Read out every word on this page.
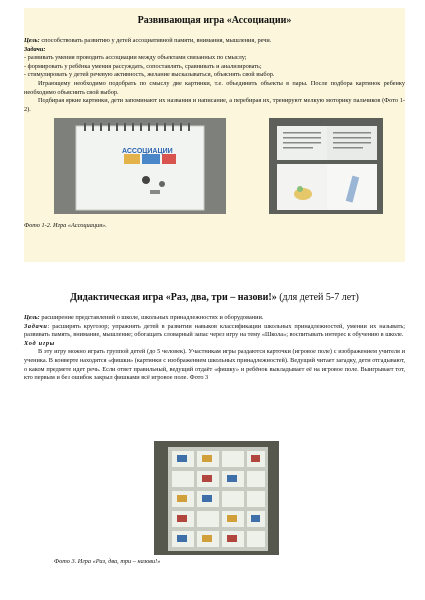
Развивающая игра «Ассоциации»
Цель: способствовать развитию у детей ассоциативной памяти, внимания, мышления, речи.
Задачи:
- развивать умения проводить ассоциации между объектами связанных по смыслу;
- формировать у ребёнка умения рассуждать, сопоставлять, сравнивать и анализировать;
- стимулировать у детей речевую активность, желание высказываться, объяснять свой выбор.
Играющему необходимо подобрать по смыслу две картинки, т.е. объединить объекты в пары. После подбора картинок ребенку необходимо объяснить свой выбор.
Подбирая яркие картинки, дети запоминают их названия и написание, а перебирая их, тренируют мелкую моторику пальчиков (Фото 1-2).
АССОЦИАЦИИ
Фото 1-2. Игра «Ассоциация».
Дидактическая игра «Раз, два, три – назови!» (для детей 5-7 лет)
Цель: расширение представлений о школе, школьных принадлежностях и оборудовании.
Задачи: расширять кругозор; упражнять детей в развитии навыков классификации школьных принадлежностей, умении их называть; развивать память, внимание, мышление; обогащать словарный запас через игру на тему «Школа»; воспитывать интерес к обучению в школе.
Ход игры
В эту игру можно играть группой детей (до 5 человек). Участникам игры раздаются карточки (игровое поле) с изображением учителя и ученика. В конверте находятся «фишки» (картинки с изображением школьных принадлежностей). Ведущий читает загадку, дети отгадывают, о каком предмете идет речь. Если ответ правильный, ведущий отдаёт «фишку» и ребёнок выкладывает её на игровое поле. Выигрывает тот, кто первым и без ошибок закрыл фишками всё игровое поле. Фото 3
Фото 3. Игра «Раз, два, три – назови!»
